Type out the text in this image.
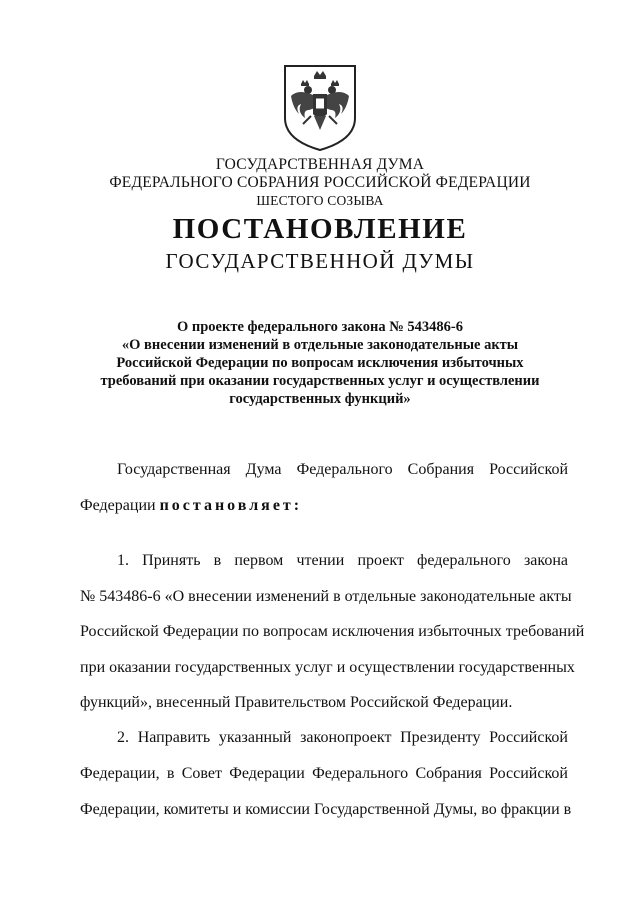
ГОСУДАРСТВЕННАЯ ДУМА
ФЕДЕРАЛЬНОГО СОБРАНИЯ РОССИЙСКОЙ ФЕДЕРАЦИИ
ШЕСТОГО СОЗЫВА
ПОСТАНОВЛЕНИЕ
ГОСУДАРСТВЕННОЙ ДУМЫ
О проекте федерального закона № 543486-6
«О внесении изменений в отдельные законодательные акты
Российской Федерации по вопросам исключения избыточных
требований при оказании государственных услуг и осуществлении
государственных функций»
Государственная Дума Федерального Собрания Российской
Федерации постановляет:
1. Принять в первом чтении проект федерального закона
№ 543486-6 «О внесении изменений в отдельные законодательные акты
Российской Федерации по вопросам исключения избыточных требований
при оказании государственных услуг и осуществлении государственных
функций», внесенный Правительством Российской Федерации.
2. Направить указанный законопроект Президенту Российской
Федерации, в Совет Федерации Федерального Собрания Российской
Федерации, комитеты и комиссии Государственной Думы, во фракции в
